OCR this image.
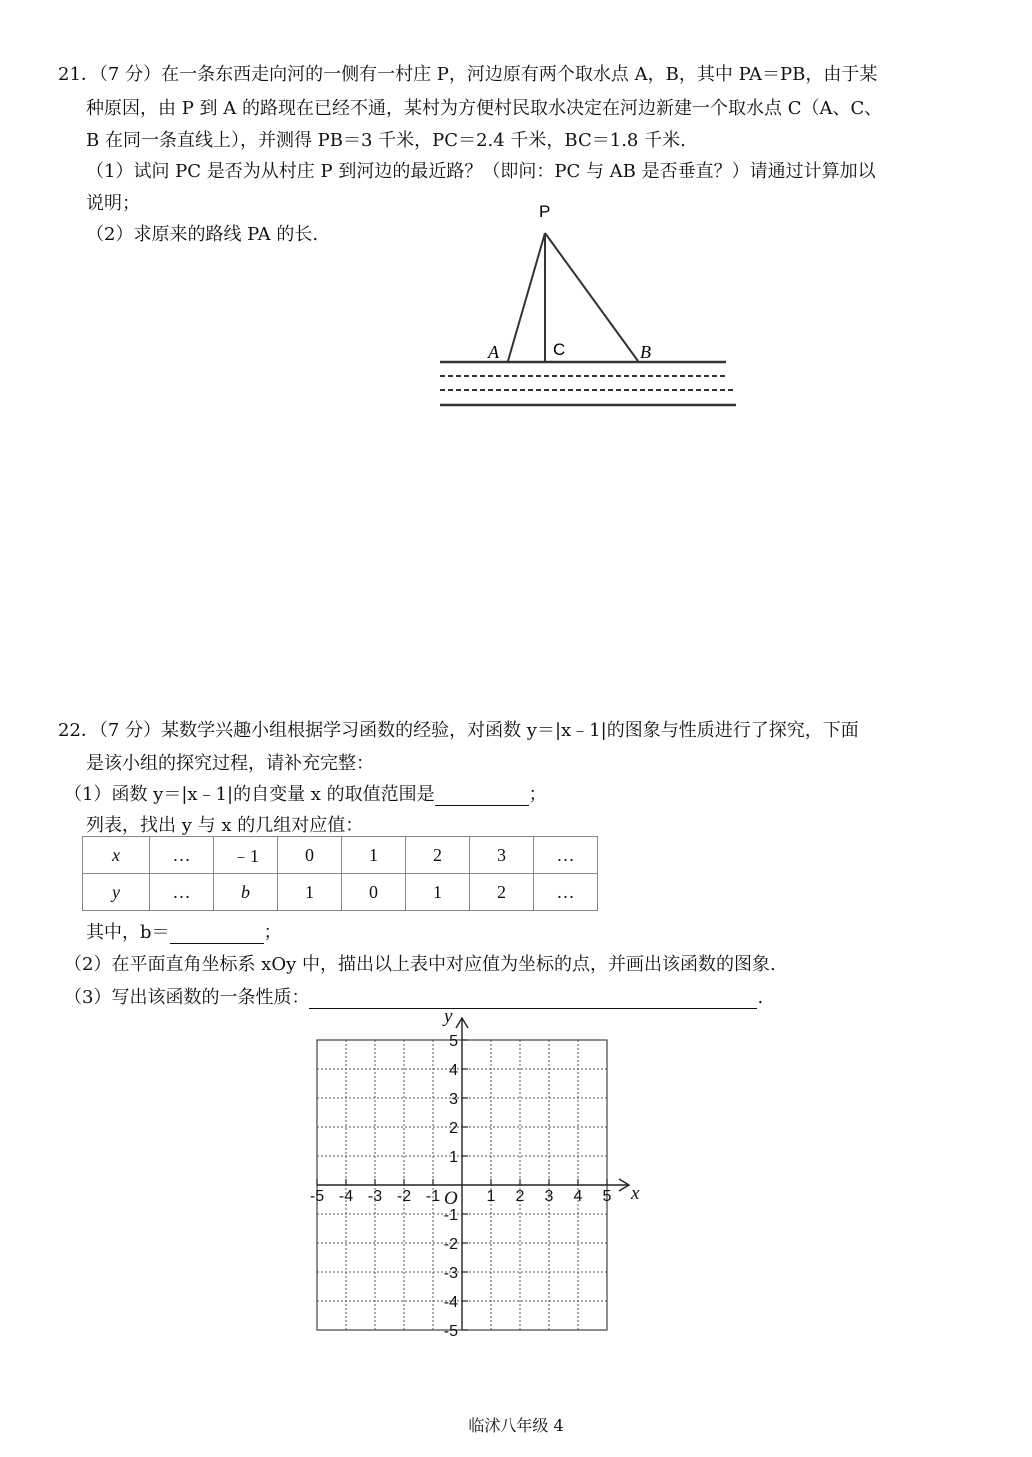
21．（7 分）在一条东西走向河的一侧有一村庄 P，河边原有两个取水点 A，B，其中 PA＝PB，由于某
种原因，由 P 到 A 的路现在已经不通，某村为方便村民取水决定在河边新建一个取水点 C（A、C、
B 在同一条直线上），并测得 PB＝3 千米，PC＝2.4 千米，BC＝1.8 千米.
（1）试问 PC 是否为从村庄 P 到河边的最近路？（即问：PC 与 AB 是否垂直？）请通过计算加以
说明；
（2）求原来的路线 PA 的长.
P
A	C	B
22．（7 分）某数学兴趣小组根据学习函数的经验，对函数 y＝|x﹣1|的图象与性质进行了探究，下面
是该小组的探究过程，请补充完整：
（1）函数 y＝|x﹣1|的自变量 x 的取值范围是	；
列表，找出 y 与 x 的几组对应值：
x	…	﹣1	0	1	2	3	…
y	…	b	1	0	1	2	…
其中，b＝	；
（2）在平面直角坐标系 xOy 中，描出以上表中对应值为坐标的点，并画出该函数的图象.
（3）写出该函数的一条性质：	.
-5 -4 -3 -2 -1	1 2 3 4 5
5
4
3
2
1
-1
-2
-3
-4
-5
x
y
O
临沭八年级 4
